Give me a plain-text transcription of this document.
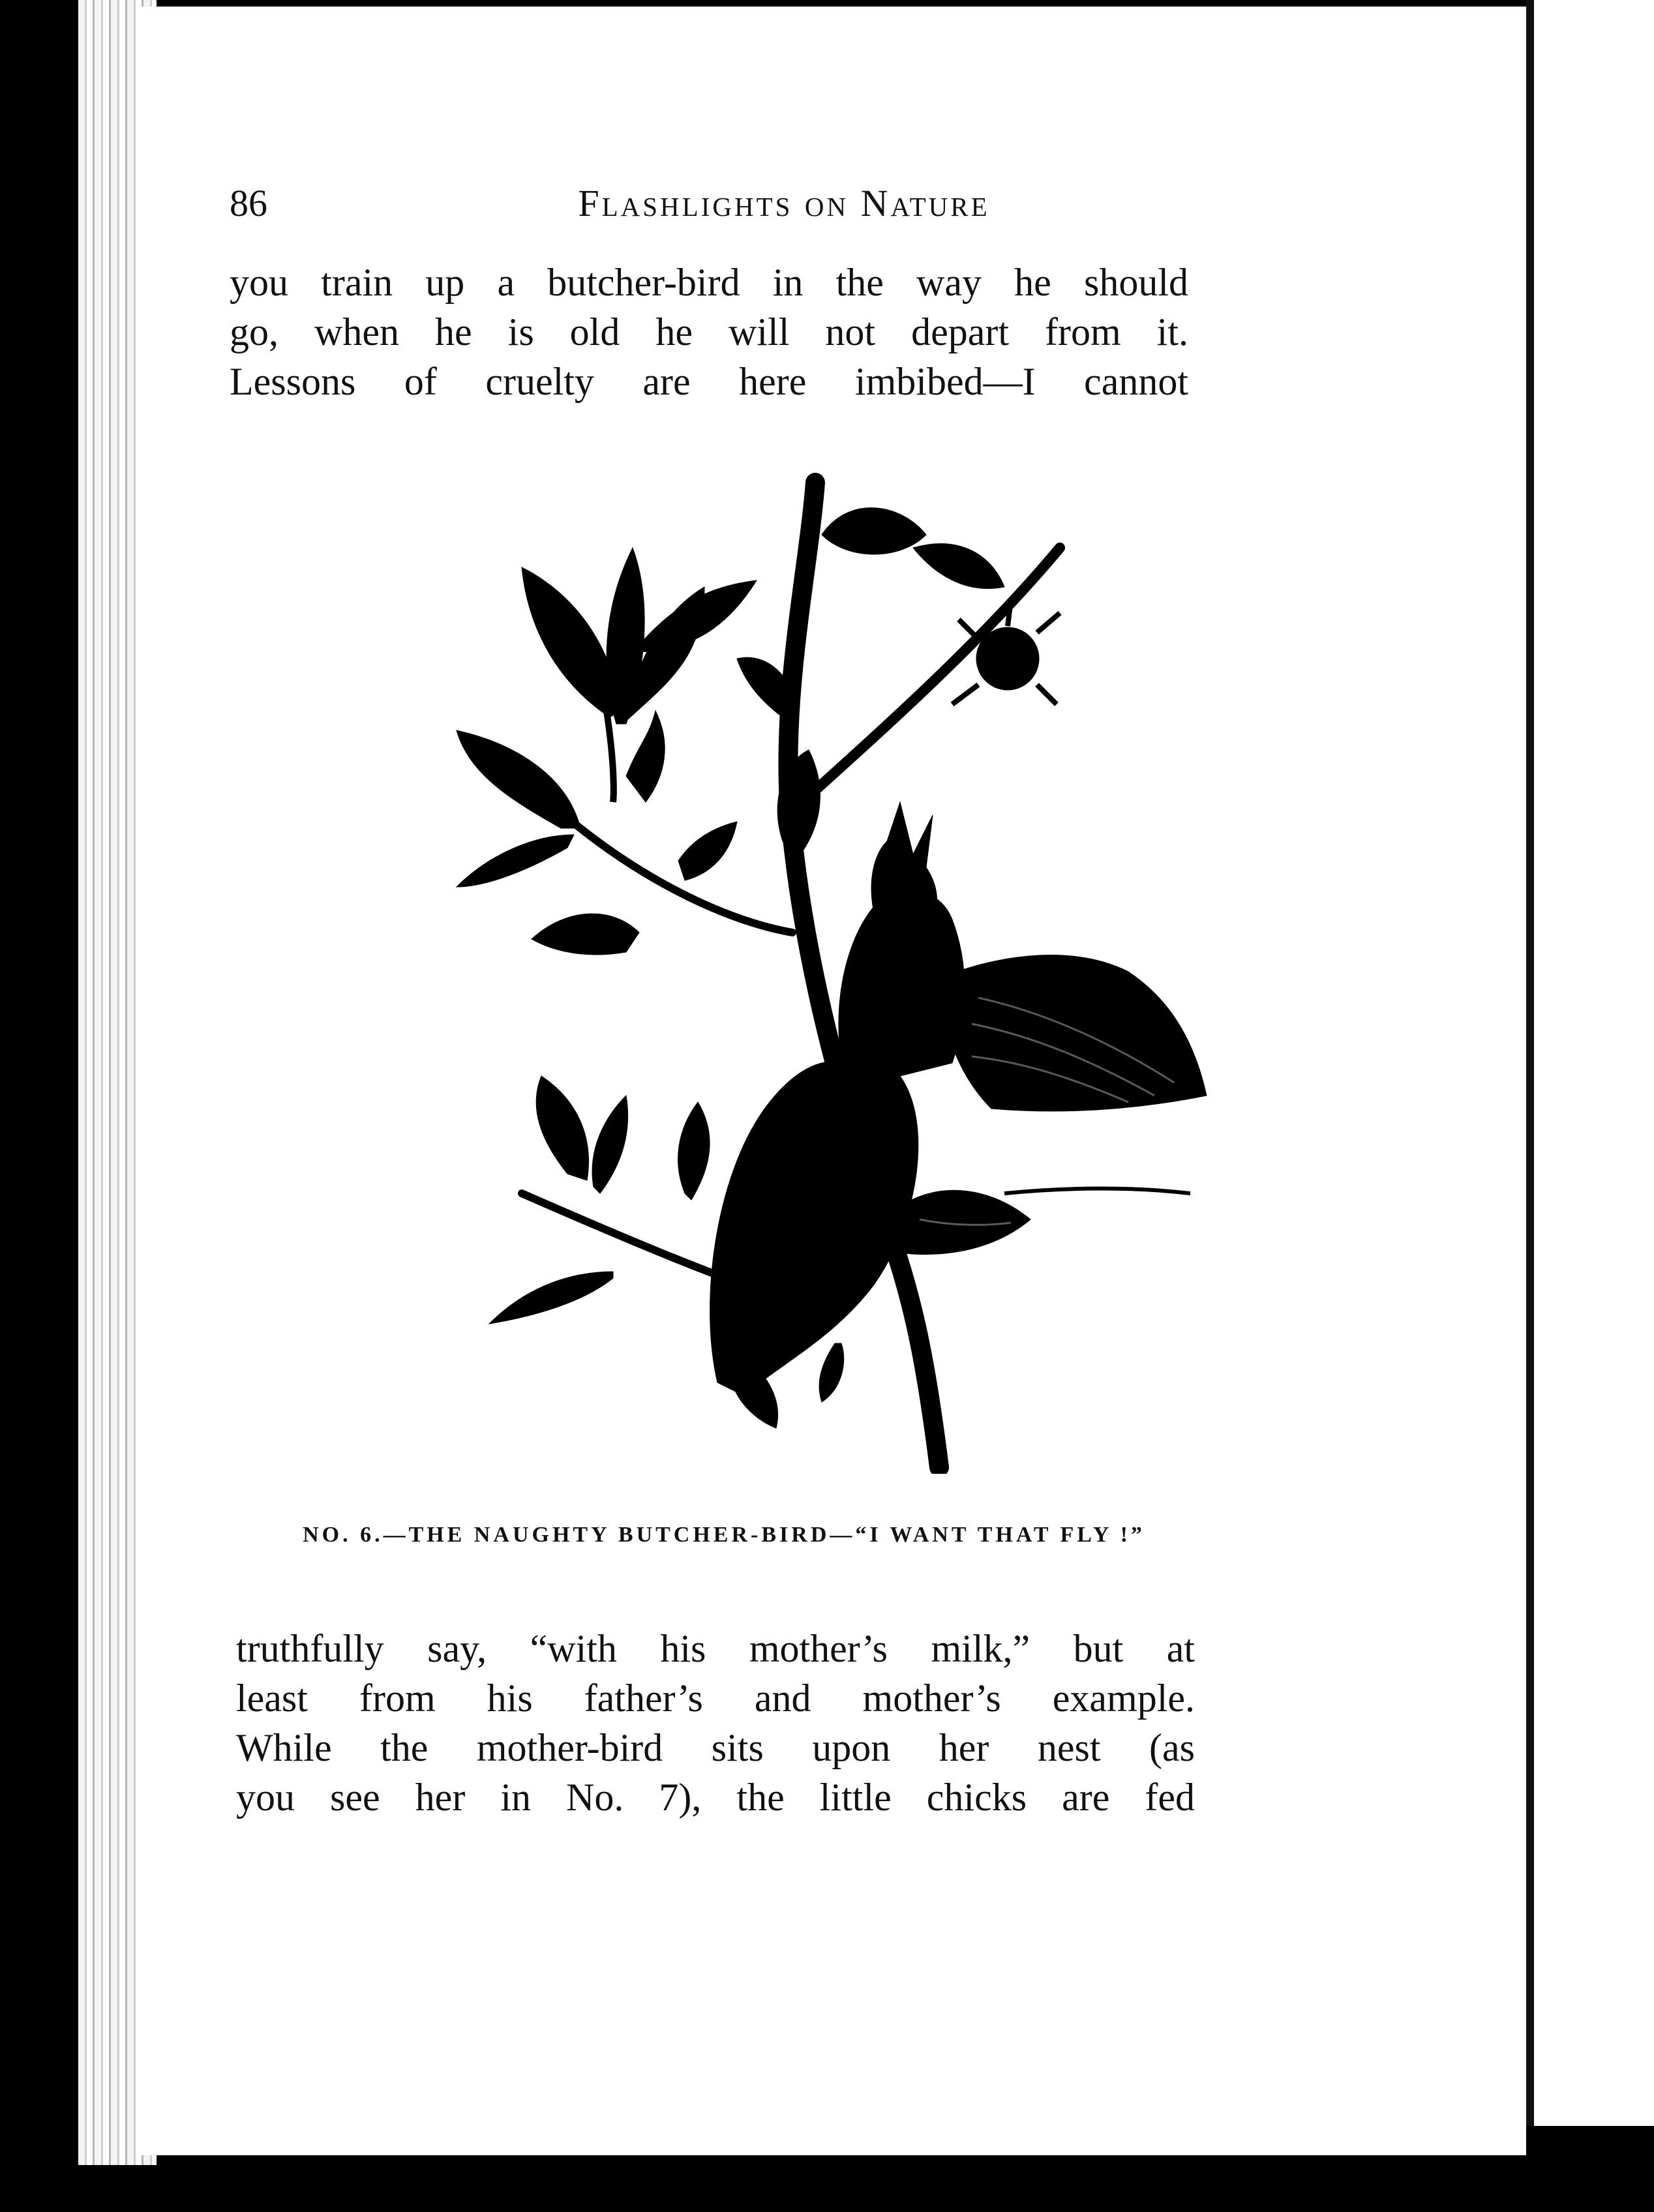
86	Flashlights on Nature

you train up a butcher-bird in the way he should
go, when he is old he will not depart from it.
Lessons of cruelty are here imbibed—I cannot

NO. 6.—THE NAUGHTY BUTCHER-BIRD—“I WANT THAT FLY !”

truthfully say, “with his mother’s milk,” but at
least from his father’s and mother’s example.
While the mother-bird sits upon her nest (as
you see her in No. 7), the little chicks are fed
